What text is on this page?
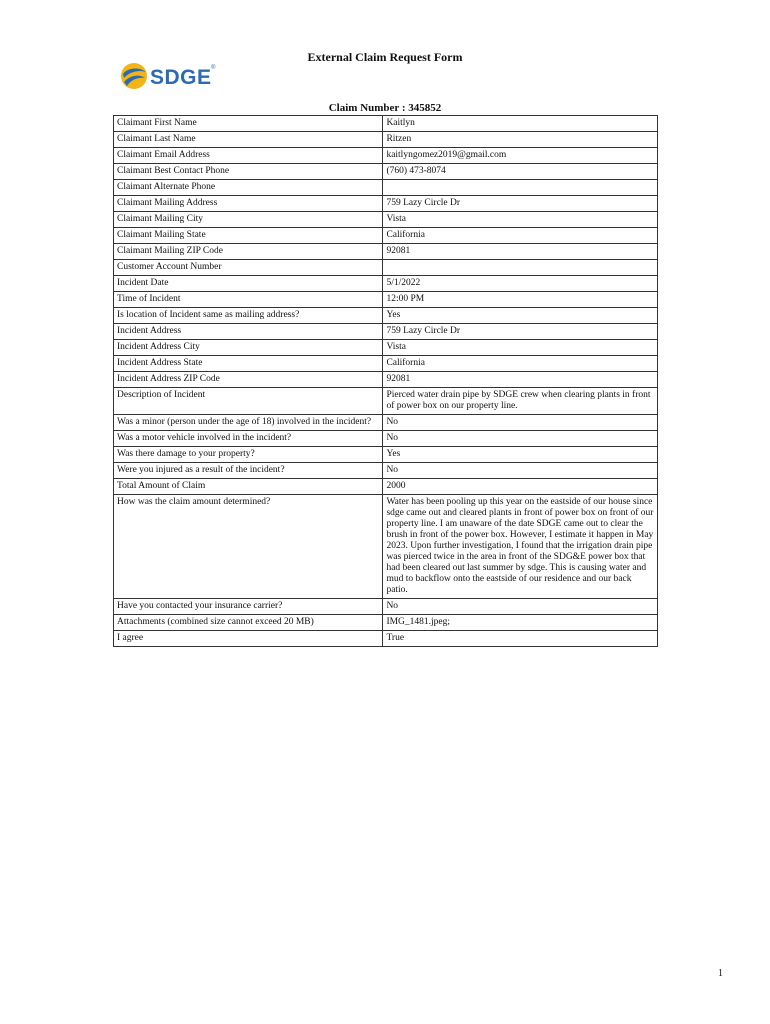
External Claim Request Form
SDGE ®
Claim Number : 345852
Claimant First Name	Kaitlyn
Claimant Last Name	Ritzen
Claimant Email Address	kaitlyngomez2019@gmail.com
Claimant Best Contact Phone	(760) 473-8074
Claimant Alternate Phone	
Claimant Mailing Address	759 Lazy Circle Dr
Claimant Mailing City	Vista
Claimant Mailing State	California
Claimant Mailing ZIP Code	92081
Customer Account Number	
Incident Date	5/1/2022
Time of Incident	12:00 PM
Is location of Incident same as mailing address?	Yes
Incident Address	759 Lazy Circle Dr
Incident Address City	Vista
Incident Address State	California
Incident Address ZIP Code	92081
Description of Incident	Pierced water drain pipe by SDGE crew when clearing plants in front of power box on our property line.
Was a minor (person under the age of 18) involved in the incident?	No
Was a motor vehicle involved in the incident?	No
Was there damage to your property?	Yes
Were you injured as a result of the incident?	No
Total Amount of Claim	2000
How was the claim amount determined?	Water has been pooling up this year on the eastside of our house since sdge came out and cleared plants in front of power box on front of our property line. I am unaware of the date SDGE came out to clear the brush in front of the power box. However, I estimate it happen in May 2023. Upon further investigation, I found that the irrigation drain pipe was pierced twice in the area in front of the SDG&E power box that had been cleared out last summer by sdge. This is causing water and mud to backflow onto the eastside of our residence and our back patio.
Have you contacted your insurance carrier?	No
Attachments (combined size cannot exceed 20 MB)	IMG_1481.jpeg;
I agree	True
1
